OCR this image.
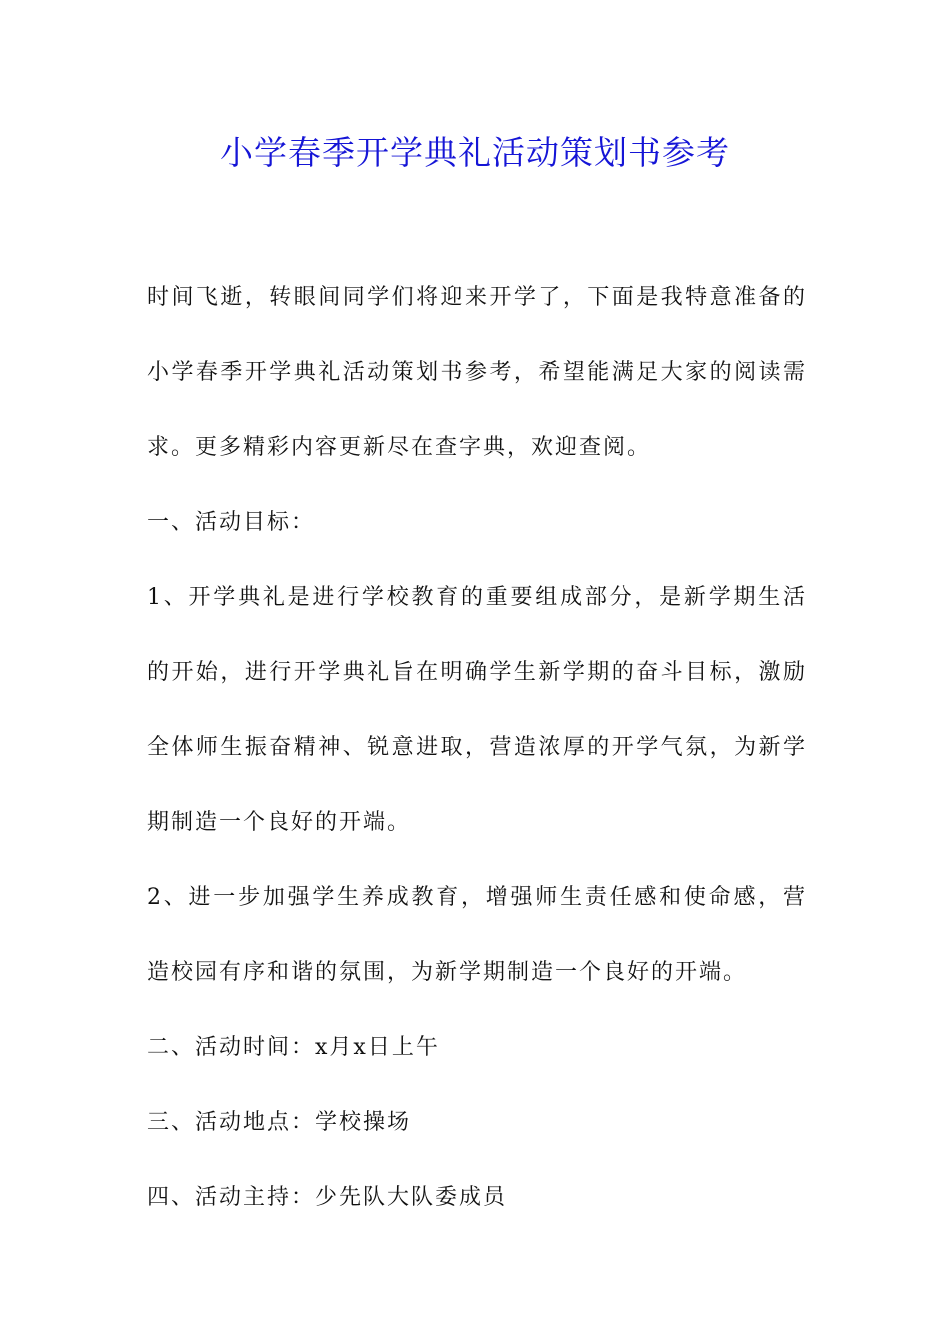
小学春季开学典礼活动策划书参考

时间飞逝，转眼间同学们将迎来开学了，下面是我特意准备的小学春季开学典礼活动策划书参考，希望能满足大家的阅读需求。更多精彩内容更新尽在查字典，欢迎查阅。

一、活动目标：

1、开学典礼是进行学校教育的重要组成部分，是新学期生活的开始，进行开学典礼旨在明确学生新学期的奋斗目标，激励全体师生振奋精神、锐意进取，营造浓厚的开学气氛，为新学期制造一个良好的开端。

2、进一步加强学生养成教育，增强师生责任感和使命感，营造校园有序和谐的氛围，为新学期制造一个良好的开端。

二、活动时间：x月x日上午

三、活动地点：学校操场

四、活动主持：少先队大队委成员
